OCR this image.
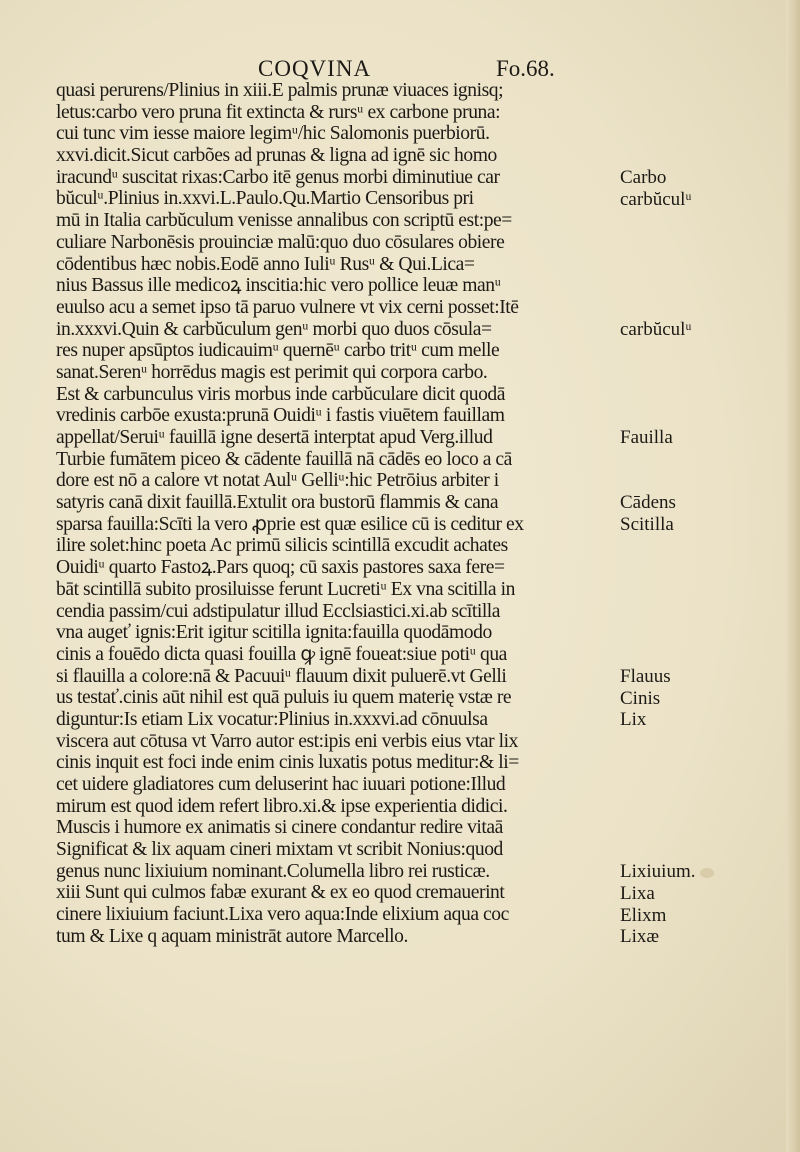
COQVINA	Fo.68.
quasi perurens/Plinius in xiii.E palmis prunæ viuaces ignisq;
letus:carbo vero pruna fit extincta & rursᵘ ex carbone pruna:
cui tunc vim iesse maiore legimᵘ/hic Salomonis puerbiorū.
xxvi.dicit.Sicut carbões ad prunas & ligna ad ignē sic homo
iracundᵘ suscitat rixas:Carbo itē genus morbi diminutiue car
bŭculᵘ.Plinius in.xxvi.L.Paulo.Qu.Martio Censoribus pri
mū in Italia carbŭculum venisse annalibus con scriptū est:pe=
culiare Narbonēsis prouinciæ malū:quo duo cōsulares obiere
cōdentibus hæc nobis.Eodē anno Iuliᵘ Rusᵘ & Qui.Lica=
nius Bassus ille medicoꝝ inscitia:hic vero pollice leuæ manᵘ
euulso acu a semet ipso tā paruo vulnere vt vix cerni posset:Itē
in.xxxvi.Quin & carbŭculum genᵘ morbi quo duos cōsula=
res nuper apsūptos iudicauimᵘ quernēᵘ carbo tritᵘ cum melle
sanat.Serenᵘ horrēdus magis est perimit qui corpora carbo.
Est & carbunculus viris morbus inde carbŭculare dicit quodā
vredinis carbōe exusta:prunā Ouidiᵘ i fastis viuētem fauillam
appellat/Seruiᵘ fauillā igne desertā interptat apud Verg.illud
Turbie fumātem piceo & cādente fauillā nā cādēs eo loco a cā
dore est nō a calore vt notat Aulᵘ Gelliᵘ:hic Petrōius arbiter i
satyris canā dixit fauillā.Extulit ora bustorū flammis & cana
sparsa fauilla:Scīti la vero ꝓprie est quæ esilice cū is ceditur ex
ilire solet:hinc poeta Ac primū silicis scintillā excudit achates
Ouidiᵘ quarto Fastoꝝ.Pars quoq; cū saxis pastores saxa fere=
bāt scintillā subito prosiluisse ferunt Lucretiᵘ Ex vna scitilla in
cendia passim/cui adstipulatur illud Ecclsiastici.xi.ab scītilla
vna augeť ignis:Erit igitur scitilla ignita:fauilla quodāmodo
cinis a fouēdo dicta quasi fouilla ꝙ ignē foueat:siue potiᵘ qua
si flauilla a colore:nā & Pacuuiᵘ flauum dixit puluerē.vt Gelli
us testať.cinis aūt nihil est quā puluis iu quem materię vstæ re
diguntur:Is etiam Lix vocatur:Plinius in.xxxvi.ad cōnuulsa
viscera aut cōtusa vt Varro autor est:ipis eni verbis eius vtar lix
cinis inquit est foci inde enim cinis luxatis potus meditur:& li=
cet uidere gladiatores cum deluserint hac iuuari potione:Illud
mirum est quod idem refert libro.xi.& ipse experientia didici.
Muscis i humore ex animatis si cinere condantur redire vitaā
Significat & lix aquam cineri mixtam vt scribit Nonius:quod
genus nunc lixiuium nominant.Columella libro rei rusticæ.
xiii Sunt qui culmos fabæ exurant & ex eo quod cremauerint
cinere lixiuium faciunt.Lixa vero aqua:Inde elixium aqua coc
tum & Lixe q aquam ministrāt autore Marcello.
Carbo
carbŭculᵘ
carbŭculᵘ
Fauilla
Cādens
Scitilla
Flauus
Cinis
Lix
Lixiuium.
Lixa
Elixm
Lixæ
